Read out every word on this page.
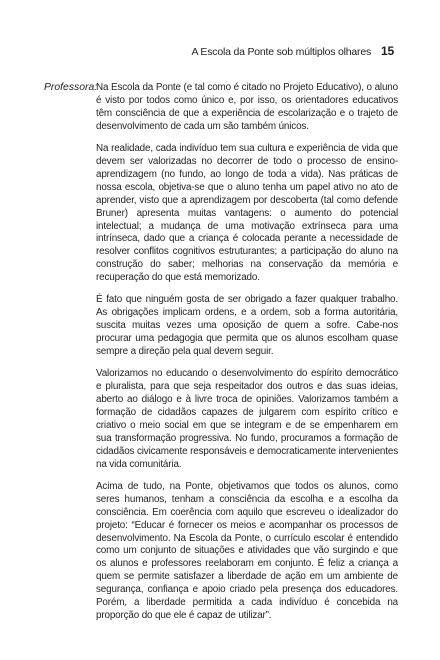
A Escola da Ponte sob múltiplos olhares 15
Professora:

Na Escola da Ponte (e tal como é citado no Projeto Educativo), o aluno é visto por todos como único e, por isso, os orientadores educativos têm consciência de que a experiência de escolarização e o trajeto de desenvolvimento de cada um são também únicos.

Na realidade, cada indivíduo tem sua cultura e experiência de vida que devem ser valorizadas no decorrer de todo o processo de ensino-aprendizagem (no fundo, ao longo de toda a vida). Nas práticas de nossa escola, objetiva-se que o aluno tenha um papel ativo no ato de aprender, visto que a aprendizagem por descoberta (tal como defende Bruner) apresenta muitas vantagens: o aumento do potencial intelectual; a mudança de uma motivação extrínseca para uma intrínseca, dado que a criança é colocada perante a necessidade de resolver conflitos cognitivos estruturantes; a participação do aluno na construção do saber; melhorias na conservação da memória e recuperação do que está memorizado.

É fato que ninguém gosta de ser obrigado a fazer qualquer trabalho. As obrigações implicam ordens, e a ordem, sob a forma autoritária, suscita muitas vezes uma oposição de quem a sofre. Cabe-nos procurar uma pedagogia que permita que os alunos escolham quase sempre a direção pela qual devem seguir.

Valorizamos no educando o desenvolvimento do espírito democrático e pluralista, para que seja respeitador dos outros e das suas ideias, aberto ao diálogo e à livre troca de opiniões. Valorizamos também a formação de cidadãos capazes de julgarem com espírito crítico e criativo o meio social em que se integram e de se empenharem em sua transformação progressiva. No fundo, procuramos a formação de cidadãos civicamente responsáveis e democraticamente intervenientes na vida comunitária.

Acima de tudo, na Ponte, objetivamos que todos os alunos, como seres humanos, tenham a consciência da escolha e a escolha da consciência. Em coerência com aquilo que escreveu o idealizador do projeto: “Educar é fornecer os meios e acompanhar os processos de desenvolvimento. Na Escola da Ponte, o currículo escolar é entendido como um conjunto de situações e atividades que vão surgindo e que os alunos e professores reelaboram em conjunto. É feliz a criança a quem se permite satisfazer a liberdade de ação em um ambiente de segurança, confiança e apoio criado pela presença dos educadores. Porém, a liberdade permitida a cada indivíduo é concebida na proporção do que ele é capaz de utilizar”.
